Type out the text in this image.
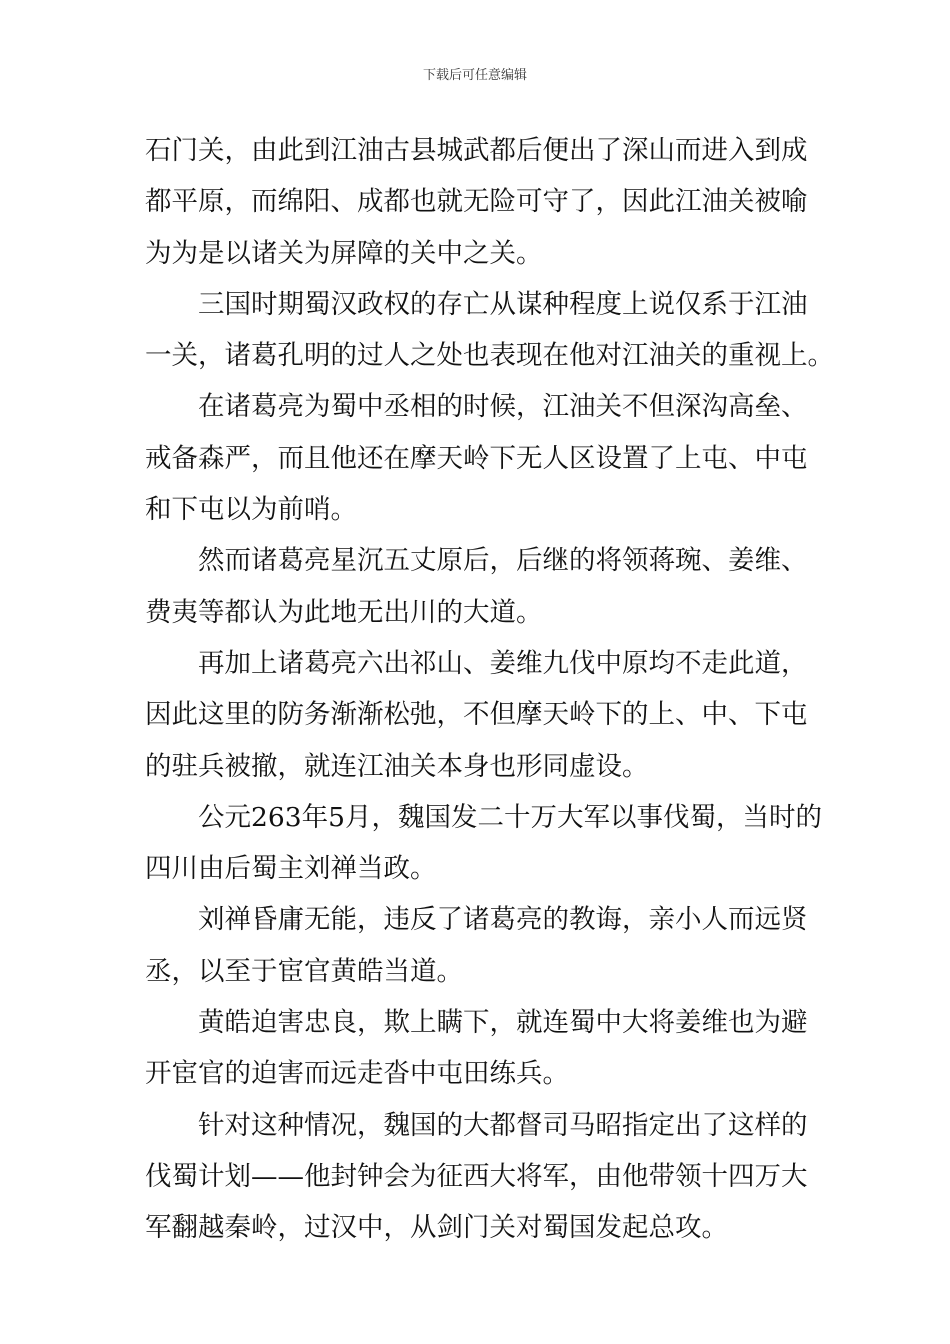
下载后可任意编辑

石门关，由此到江油古县城武都后便出了深山而进入到成
都平原，而绵阳、成都也就无险可守了，因此江油关被喻
为为是以诸关为屏障的关中之关。

三国时期蜀汉政权的存亡从谋种程度上说仅系于江油
一关，诸葛孔明的过人之处也表现在他对江油关的重视上。

在诸葛亮为蜀中丞相的时候，江油关不但深沟高垒、
戒备森严，而且他还在摩天岭下无人区设置了上屯、中屯
和下屯以为前哨。

然而诸葛亮星沉五丈原后，后继的将领蒋琬、姜维、
费夷等都认为此地无出川的大道。

再加上诸葛亮六出祁山、姜维九伐中原均不走此道，
因此这里的防务渐渐松弛，不但摩天岭下的上、中、下屯
的驻兵被撤，就连江油关本身也形同虚设。

公元263年5月，魏国发二十万大军以事伐蜀，当时的
四川由后蜀主刘禅当政。

刘禅昏庸无能，违反了诸葛亮的教诲，亲小人而远贤
丞，以至于宦官黄皓当道。

黄皓迫害忠良，欺上瞒下，就连蜀中大将姜维也为避
开宦官的迫害而远走沓中屯田练兵。

针对这种情况，魏国的大都督司马昭指定出了这样的
伐蜀计划——他封钟会为征西大将军，由他带领十四万大
军翻越秦岭，过汉中，从剑门关对蜀国发起总攻。
